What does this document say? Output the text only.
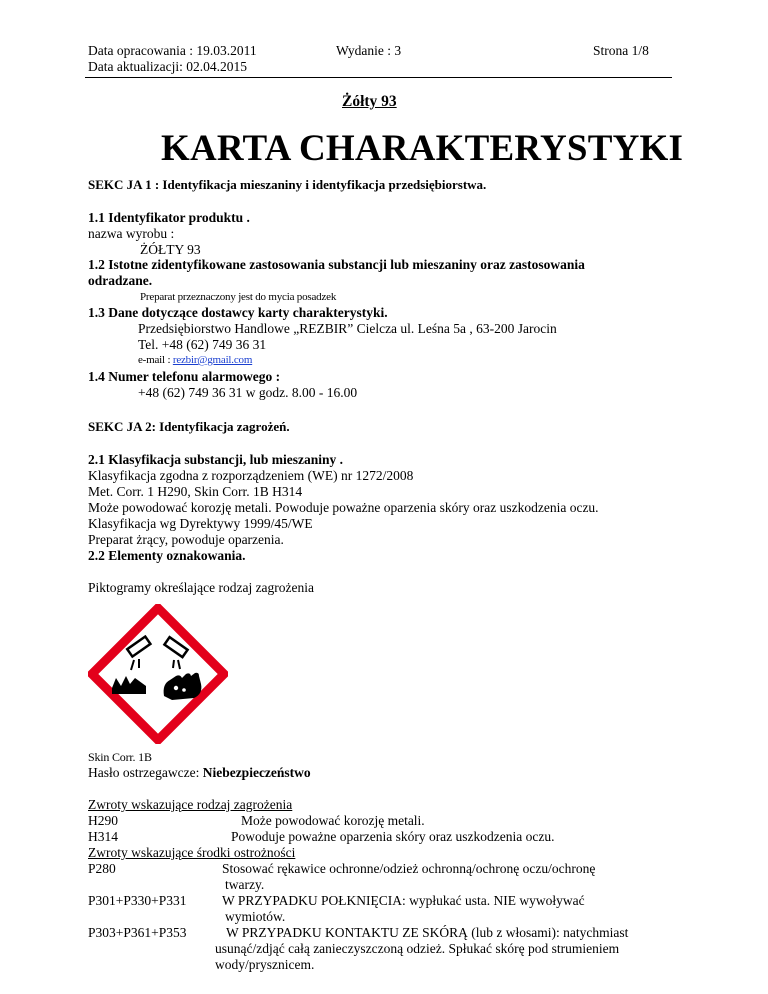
Data opracowania : 19.03.2011
Data aktualizacji: 02.04.2015
Wydanie : 3	Strona 1/8
Żółty 93
KARTA CHARAKTERYSTYKI
SEKC JA 1 : Identyfikacja mieszaniny i identyfikacja przedsiębiorstwa.
1.1 Identyfikator produktu .
nazwa wyrobu :
ŻÓŁTY 93
1.2 Istotne zidentyfikowane zastosowania substancji lub mieszaniny oraz zastosowania
odradzane.
Preparat przeznaczony jest do mycia posadzek
1.3 Dane dotyczące dostawcy karty charakterystyki.
Przedsiębiorstwo Handlowe „REZBIR” Cielcza ul. Leśna 5a , 63-200 Jarocin
Tel. +48 (62) 749 36 31
e-mail : rezbir@gmail.com
1.4 Numer telefonu alarmowego :
+48 (62) 749 36 31 w godz. 8.00 - 16.00
SEKC JA 2: Identyfikacja zagrożeń.
2.1 Klasyfikacja substancji, lub mieszaniny .
Klasyfikacja zgodna z rozporządzeniem (WE) nr 1272/2008
Met. Corr. 1 H290, Skin Corr. 1B H314
Może powodować korozję metali. Powoduje poważne oparzenia skóry oraz uszkodzenia oczu.
Klasyfikacja wg Dyrektywy 1999/45/WE
Preparat żrący, powoduje oparzenia.
2.2 Elementy oznakowania.
Piktogramy określające rodzaj zagrożenia
Skin Corr. 1B
Hasło ostrzegawcze: Niebezpieczeństwo
Zwroty wskazujące rodzaj zagrożenia
H290	Może powodować korozję metali.
H314	Powoduje poważne oparzenia skóry oraz uszkodzenia oczu.
Zwroty wskazujące środki ostrożności
P280	Stosować rękawice ochronne/odzież ochronną/ochronę oczu/ochronę
twarzy.
P301+P330+P331	W PRZYPADKU POŁKNIĘCIA: wypłukać usta. NIE wywoływać
wymiotów.
P303+P361+P353	W PRZYPADKU KONTAKTU ZE SKÓRĄ (lub z włosami): natychmiast
usunąć/zdjąć całą zanieczyszczoną odzież. Spłukać skórę pod strumieniem
wody/prysznicem.
